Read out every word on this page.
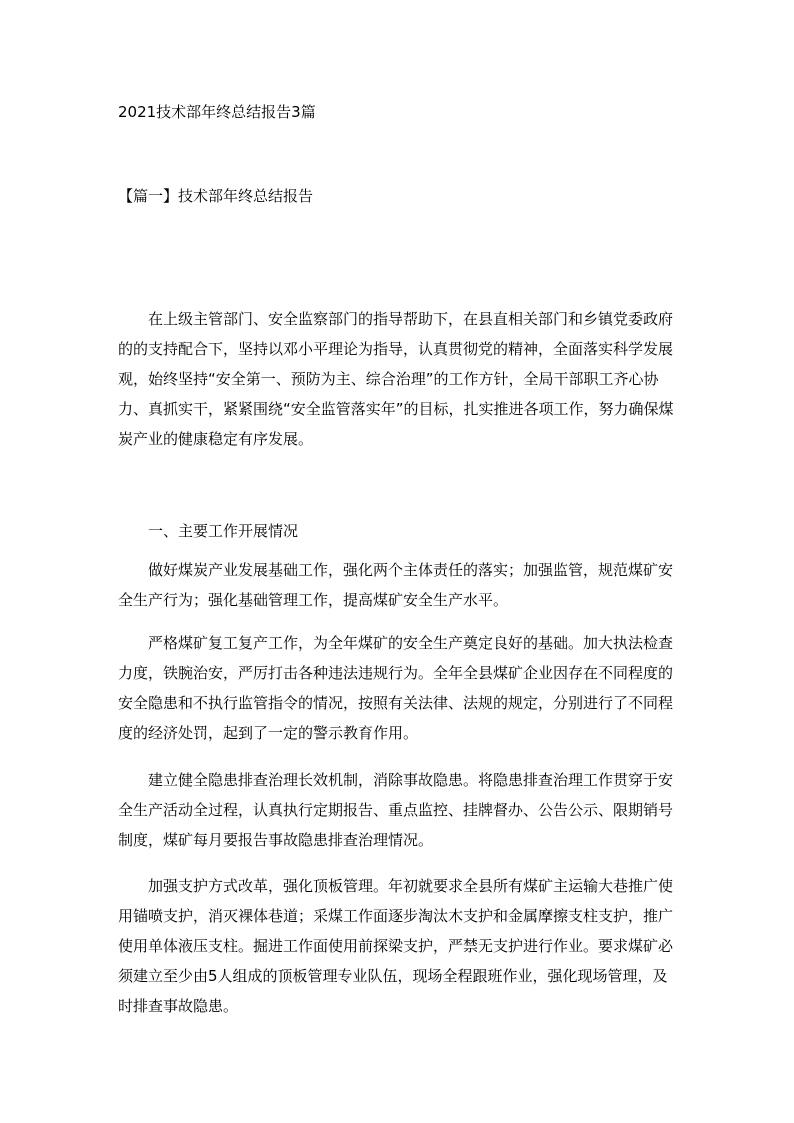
2021技术部年终总结报告3篇
【篇一】技术部年终总结报告

在上级主管部门、安全监察部门的指导帮助下，在县直相关部门和乡镇党委政府的的支持配合下，坚持以邓小平理论为指导，认真贯彻党的精神，全面落实科学发展观，始终坚持“安全第一、预防为主、综合治理”的工作方针，全局干部职工齐心协力、真抓实干，紧紧围绕“安全监管落实年”的目标，扎实推进各项工作，努力确保煤炭产业的健康稳定有序发展。

一、主要工作开展情况

做好煤炭产业发展基础工作，强化两个主体责任的落实；加强监管，规范煤矿安全生产行为；强化基础管理工作，提高煤矿安全生产水平。

严格煤矿复工复产工作，为全年煤矿的安全生产奠定良好的基础。加大执法检查力度，铁腕治安，严厉打击各种违法违规行为。全年全县煤矿企业因存在不同程度的安全隐患和不执行监管指令的情况，按照有关法律、法规的规定，分别进行了不同程度的经济处罚，起到了一定的警示教育作用。

建立健全隐患排查治理长效机制，消除事故隐患。将隐患排查治理工作贯穿于安全生产活动全过程，认真执行定期报告、重点监控、挂牌督办、公告公示、限期销号制度，煤矿每月要报告事故隐患排查治理情况。

加强支护方式改革，强化顶板管理。年初就要求全县所有煤矿主运输大巷推广使用锚喷支护，消灭裸体巷道；采煤工作面逐步淘汰木支护和金属摩擦支柱支护，推广使用单体液压支柱。掘进工作面使用前探梁支护，严禁无支护进行作业。要求煤矿必须建立至少由5人组成的顶板管理专业队伍，现场全程跟班作业，强化现场管理，及时排查事故隐患。
